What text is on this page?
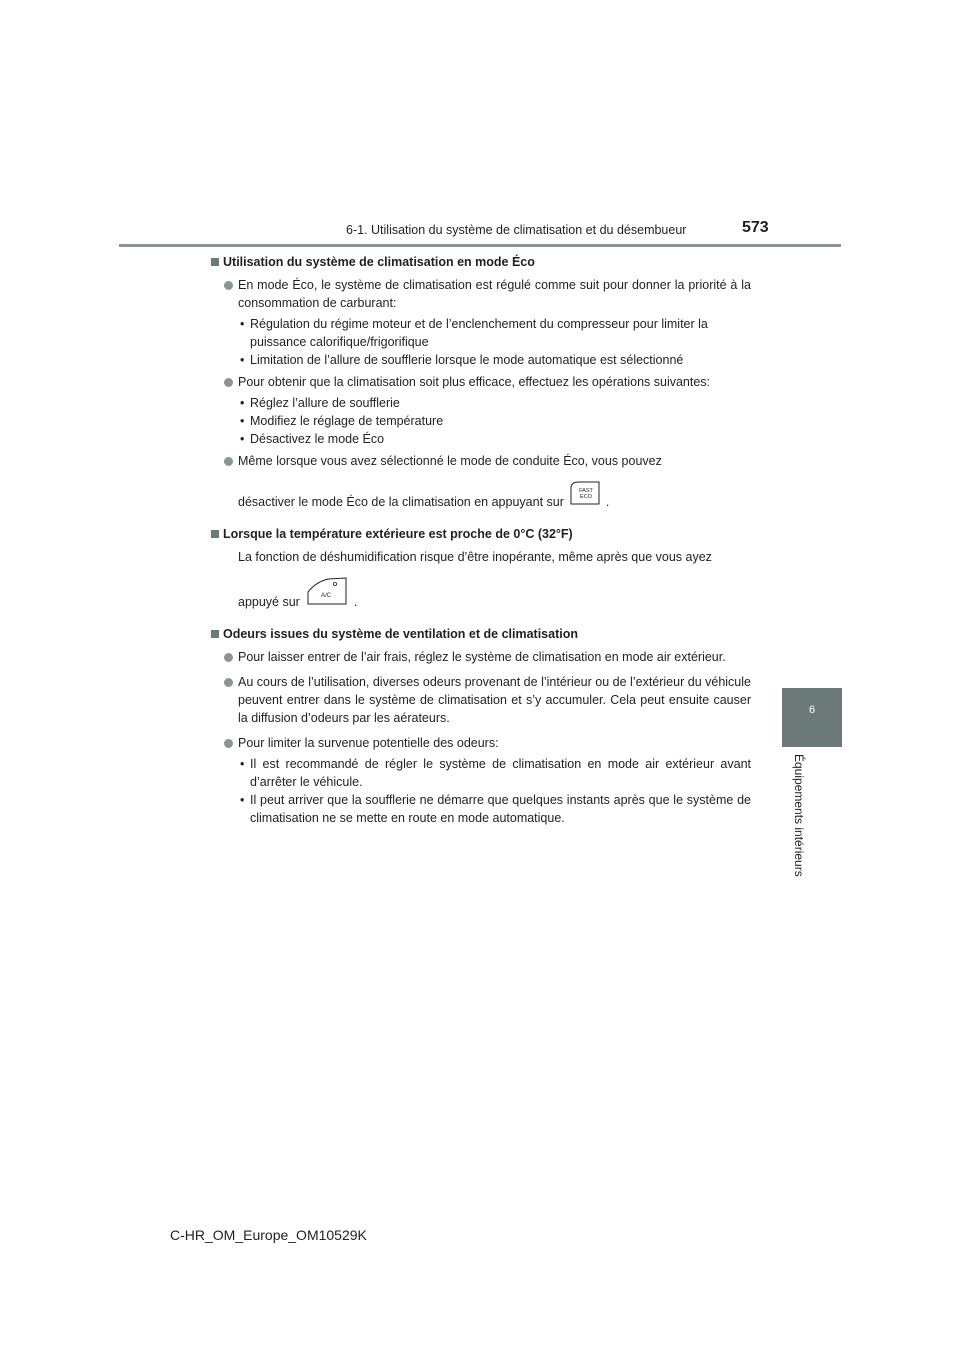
6-1. Utilisation du système de climatisation et du désembueur	573
6
Équipements intérieurs
Utilisation du système de climatisation en mode Éco
En mode Éco, le système de climatisation est régulé comme suit pour donner la priorité à la consommation de carburant:
• Régulation du régime moteur et de l’enclenchement du compresseur pour limiter la puissance calorifique/frigorifique
• Limitation de l’allure de soufflerie lorsque le mode automatique est sélectionné
Pour obtenir que la climatisation soit plus efficace, effectuez les opérations suivantes:
• Réglez l’allure de soufflerie
• Modifiez le réglage de température
• Désactivez le mode Éco
Même lorsque vous avez sélectionné le mode de conduite Éco, vous pouvez
désactiver le mode Éco de la climatisation en appuyant sur
FAST
ECO .
Lorsque la température extérieure est proche de 0°C (32°F)
La fonction de déshumidification risque d’être inopérante, même après que vous ayez
appuyé sur	A/C .
Odeurs issues du système de ventilation et de climatisation
Pour laisser entrer de l’air frais, réglez le système de climatisation en mode air extérieur.
Au cours de l’utilisation, diverses odeurs provenant de l’intérieur ou de l’extérieur du véhicule peuvent entrer dans le système de climatisation et s’y accumuler. Cela peut ensuite causer la diffusion d’odeurs par les aérateurs.
Pour limiter la survenue potentielle des odeurs:
• Il est recommandé de régler le système de climatisation en mode air extérieur avant d’arrêter le véhicule.
• Il peut arriver que la soufflerie ne démarre que quelques instants après que le système de climatisation ne se mette en route en mode automatique.
C-HR_OM_Europe_OM10529K
